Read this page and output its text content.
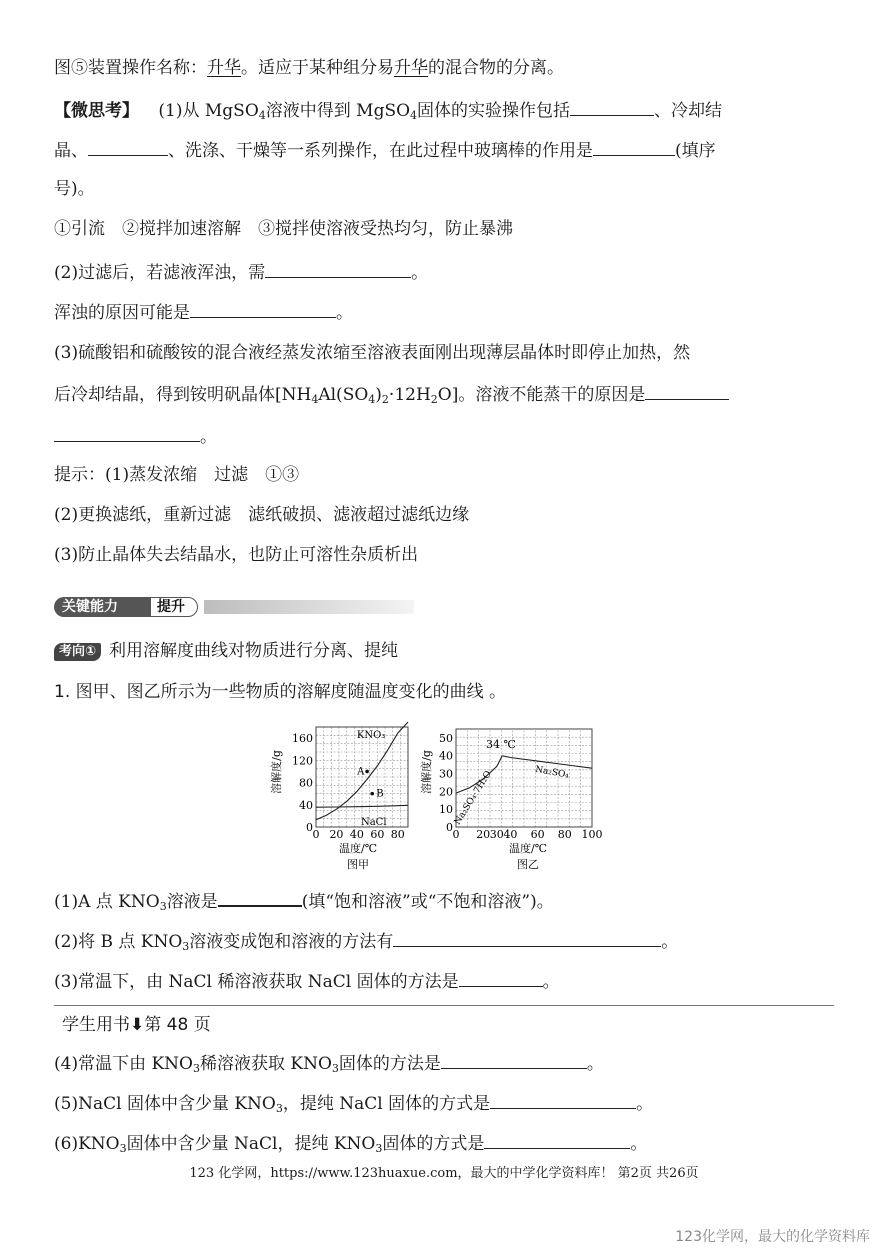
图⑤装置操作名称：升华。适应于某种组分易升华的混合物的分离。
【微思考】 (1)从 MgSO$_4$溶液中得到 MgSO$_4$固体的实验操作包括	、冷却结
晶、	、洗涤、干燥等一系列操作，在此过程中玻璃棒的作用是	(填序
号)。
①引流　②搅拌加速溶解　③搅拌使溶液受热均匀，防止暴沸
(2)过滤后，若滤液浑浊，需	。
浑浊的原因可能是	。
(3)硫酸铝和硫酸铵的混合液经蒸发浓缩至溶液表面刚出现薄层晶体时即停止加热，然
后冷却结晶，得到铵明矾晶体$[NH_4Al(SO_4)_2\cdot 12H_2O]$。溶液不能蒸干的原因是
。
提示：(1)蒸发浓缩　过滤　①③
(2)更换滤纸，重新过滤　滤纸破损、滤液超过滤纸边缘
(3)防止晶体失去结晶水，也防止可溶性杂质析出
关键能力	提升
考向① 利用溶解度曲线对物质进行分离、提纯
1. 图甲、图乙所示为一些物质的溶解度随温度变化的曲线 。
0 20 40 60 80
0
40
80
120
160	KNO₃
NaCl
A
B
溶解度/g
温度/℃
图甲
0 20 30 40 60 80 100
0
10
20
30
40
50
Na₂SO₄·7H₂O	Na₂SO₄
溶解度/g
34 ℃
温度/℃
图乙
(1)A 点 $KNO_3$溶液是	(填“饱和溶液”或“不饱和溶液”)。
(2)将 B 点 $KNO_3$溶液变成饱和溶液的方法有	。
(3)常温下，由 NaCl 稀溶液获取 NaCl 固体的方法是	。
学生用书⬇第 48 页
(4)常温下由 $KNO_3$稀溶液获取 $KNO_3$固体的方法是	。
(5)NaCl 固体中含少量 $KNO_3$，提纯 NaCl 固体的方式是	。
$(6)KNO_3$固体中含少量 NaCl，提纯 $KNO_3$固体的方式是	。
123 化学网，https://www.123huaxue.com，最大的中学化学资料库！ 第2页 共26页
123化学网，最大的化学资料库
